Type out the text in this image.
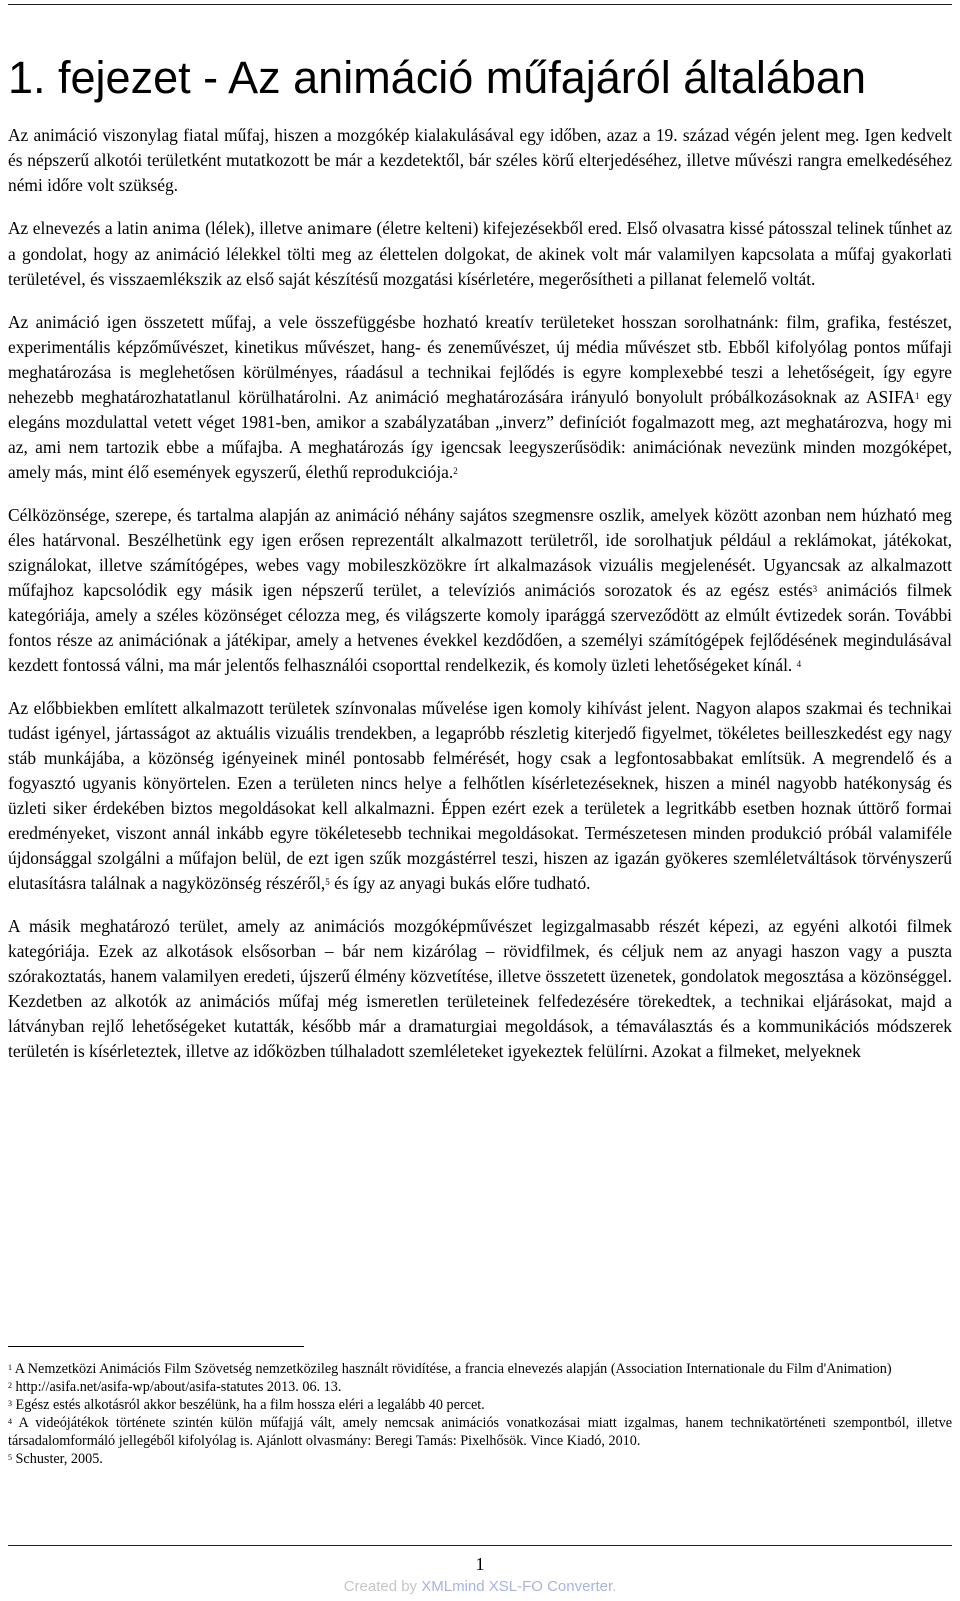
1. fejezet - Az animáció műfajáról általában

Az animáció viszonylag fiatal műfaj, hiszen a mozgókép kialakulásával egy időben, azaz a 19. század végén jelent meg. Igen kedvelt és népszerű alkotói területként mutatkozott be már a kezdetektől, bár széles körű elterjedéséhez, illetve művészi rangra emelkedéséhez némi időre volt szükség.

Az elnevezés a latin anima (lélek), illetve animare (életre kelteni) kifejezésekből ered. Első olvasatra kissé pátosszal telinek tűnhet az a gondolat, hogy az animáció lélekkel tölti meg az élettelen dolgokat, de akinek volt már valamilyen kapcsolata a műfaj gyakorlati területével, és visszaemlékszik az első saját készítésű mozgatási kísérletére, megerősítheti a pillanat felemelő voltát.

Az animáció igen összetett műfaj, a vele összefüggésbe hozható kreatív területeket hosszan sorolhatnánk: film, grafika, festészet, experimentális képzőművészet, kinetikus művészet, hang- és zeneművészet, új média művészet stb. Ebből kifolyólag pontos műfaji meghatározása is meglehetősen körülményes, ráadásul a technikai fejlődés is egyre komplexebbé teszi a lehetőségeit, így egyre nehezebb meghatározhatatlanul körülhatárolni. Az animáció meghatározására irányuló bonyolult próbálkozásoknak az ASIFA$^1$ egy elegáns mozdulattal vetett véget 1981-ben, amikor a szabályzatában „inverz” definíciót fogalmazott meg, azt meghatározva, hogy mi az, ami nem tartozik ebbe a műfajba. A meghatározás így igencsak leegyszerűsödik: animációnak nevezünk minden mozgóképet, amely más, mint élő események egyszerű, élethű reprodukciója.$^2$

Célközönsége, szerepe, és tartalma alapján az animáció néhány sajátos szegmensre oszlik, amelyek között azonban nem húzható meg éles határvonal. Beszélhetünk egy igen erősen reprezentált alkalmazott területről, ide sorolhatjuk például a reklámokat, játékokat, szignálokat, illetve számítógépes, webes vagy mobileszközökre írt alkalmazások vizuális megjelenését. Ugyancsak az alkalmazott műfajhoz kapcsolódik egy másik igen népszerű terület, a televíziós animációs sorozatok és az egész estés$^3$ animációs filmek kategóriája, amely a széles közönséget célozza meg, és világszerte komoly iparággá szerveződött az elmúlt évtizedek során. További fontos része az animációnak a játékipar, amely a hetvenes évekkel kezdődően, a személyi számítógépek fejlődésének megindulásával kezdett fontossá válni, ma már jelentős felhasználói csoporttal rendelkezik, és komoly üzleti lehetőségeket kínál. $^4$

Az előbbiekben említett alkalmazott területek színvonalas művelése igen komoly kihívást jelent. Nagyon alapos szakmai és technikai tudást igényel, jártasságot az aktuális vizuális trendekben, a legapróbb részletig kiterjedő figyelmet, tökéletes beilleszkedést egy nagy stáb munkájába, a közönség igényeinek minél pontosabb felmérését, hogy csak a legfontosabbakat említsük. A megrendelő és a fogyasztó ugyanis könyörtelen. Ezen a területen nincs helye a felhőtlen kísérletezéseknek, hiszen a minél nagyobb hatékonyság és üzleti siker érdekében biztos megoldásokat kell alkalmazni. Éppen ezért ezek a területek a legritkább esetben hoznak úttörő formai eredményeket, viszont annál inkább egyre tökéletesebb technikai megoldásokat. Természetesen minden produkció próbál valamiféle újdonsággal szolgálni a műfajon belül, de ezt igen szűk mozgástérrel teszi, hiszen az igazán gyökeres szemléletváltások törvényszerű elutasításra találnak a nagyközönség részéről,$^5$ és így az anyagi bukás előre tudható.

A másik meghatározó terület, amely az animációs mozgóképművészet legizgalmasabb részét képezi, az egyéni alkotói filmek kategóriája. Ezek az alkotások elsősorban – bár nem kizárólag – rövidfilmek, és céljuk nem az anyagi haszon vagy a puszta szórakoztatás, hanem valamilyen eredeti, újszerű élmény közvetítése, illetve összetett üzenetek, gondolatok megosztása a közönséggel. Kezdetben az alkotók az animációs műfaj még ismeretlen területeinek felfedezésére törekedtek, a technikai eljárásokat, majd a látványban rejlő lehetőségeket kutatták, később már a dramaturgiai megoldások, a témaválasztás és a kommunikációs módszerek területén is kísérleteztek, illetve az időközben túlhaladott szemléleteket igyekeztek felülírni. Azokat a filmeket, melyeknek

$^1$ A Nemzetközi Animációs Film Szövetség nemzetközileg használt rövidítése, a francia elnevezés alapján (Association Internationale du Film d'Animation)

$^2$ http://asifa.net/asifa-wp/about/asifa-statutes 2013. 06. 13.

$^3$ Egész estés alkotásról akkor beszélünk, ha a film hossza eléri a legalább 40 percet.

$^4$ A videójátékok története szintén külön műfajjá vált, amely nemcsak animációs vonatkozásai miatt izgalmas, hanem technikatörténeti szempontból, illetve társadalomformáló jellegéből kifolyólag is. Ajánlott olvasmány: Beregi Tamás: Pixelhősök. Vince Kiadó, 2010.

$^5$ Schuster, 2005.

1
Created by XMLmind XSL-FO Converter.
